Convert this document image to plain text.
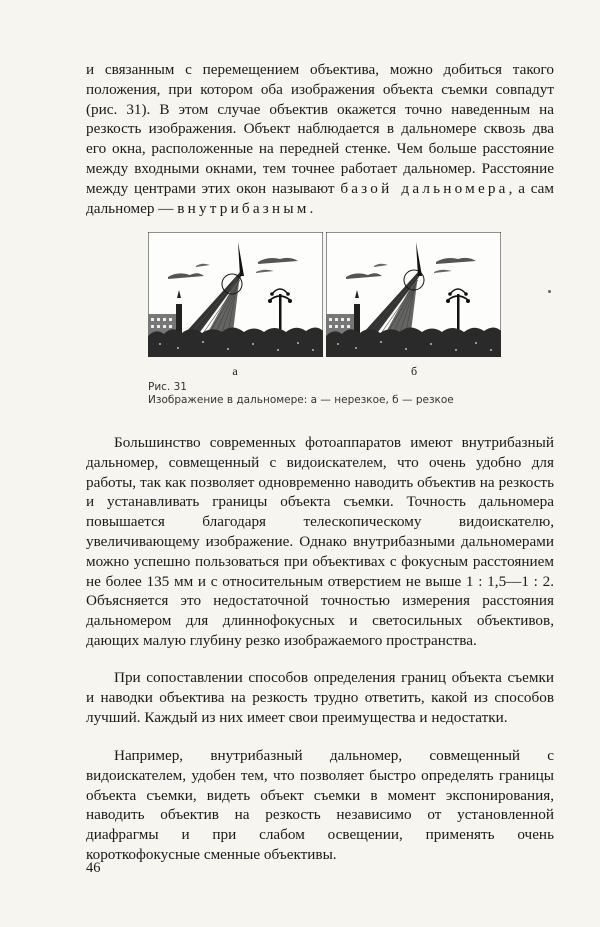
и связанным с перемещением объектива, можно добиться такого положения, при котором оба изображения объекта съемки совпадут (рис. 31). В этом случае объектив окажется точно наведенным на резкость изображения. Объект наблюдается в дальномере сквозь два его окна, расположенные на передней стенке. Чем больше расстояние между входными окнами, тем точнее работает дальномер. Расстояние между центрами этих окон называют базой дальномера, а сам дальномер — внутрибазным.

а	б
Рис. 31
Изображение в дальномере: а — нерезкое, б — резкое

Большинство современных фотоаппаратов имеют внутрибазный дальномер, совмещенный с видоискателем, что очень удобно для работы, так как позволяет одновременно наводить объектив на резкость и устанавливать границы объекта съемки. Точность дальномера повышается благодаря телескопическому видоискателю, увеличивающему изображение. Однако внутрибазными дальномерами можно успешно пользоваться при объективах с фокусным расстоянием не более 135 мм и с относительным отверстием не выше 1 : 1,5—1 : 2. Объясняется это недостаточной точностью измерения расстояния дальномером для длиннофокусных и светосильных объективов, дающих малую глубину резко изображаемого пространства.

При сопоставлении способов определения границ объекта съемки и наводки объектива на резкость трудно ответить, какой из способов лучший. Каждый из них имеет свои преимущества и недостатки.

Например, внутрибазный дальномер, совмещенный с видоискателем, удобен тем, что позволяет быстро определять границы объекта съемки, видеть объект съемки в момент экспонирования, наводить объектив на резкость независимо от установленной диафрагмы и при слабом освещении, применять очень короткофокусные сменные объективы.

46
